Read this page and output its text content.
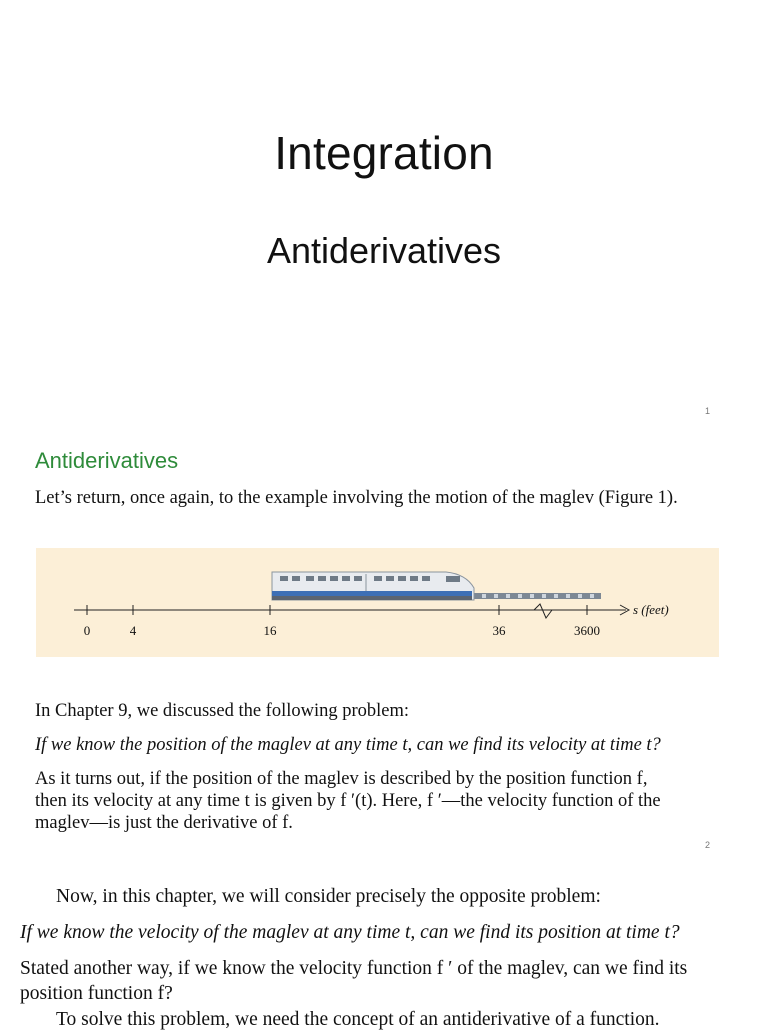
Integration
Antiderivatives
1
Antiderivatives
Let’s return, once again, to the example involving the motion of the maglev (Figure 1).
0	4	16	36	3600
s (feet)
In Chapter 9, we discussed the following problem:
If we know the position of the maglev at any time t, can we find its velocity at time t?
As it turns out, if the position of the maglev is described by the position function f,
then its velocity at any time t is given by f ′(t). Here, f ′—the velocity function of the
maglev—is just the derivative of f.
2
Now, in this chapter, we will consider precisely the opposite problem:
If we know the velocity of the maglev at any time t, can we find its position at time t?
Stated another way, if we know the velocity function f ′ of the maglev, can we find its
position function f?
To solve this problem, we need the concept of an antiderivative of a function.
